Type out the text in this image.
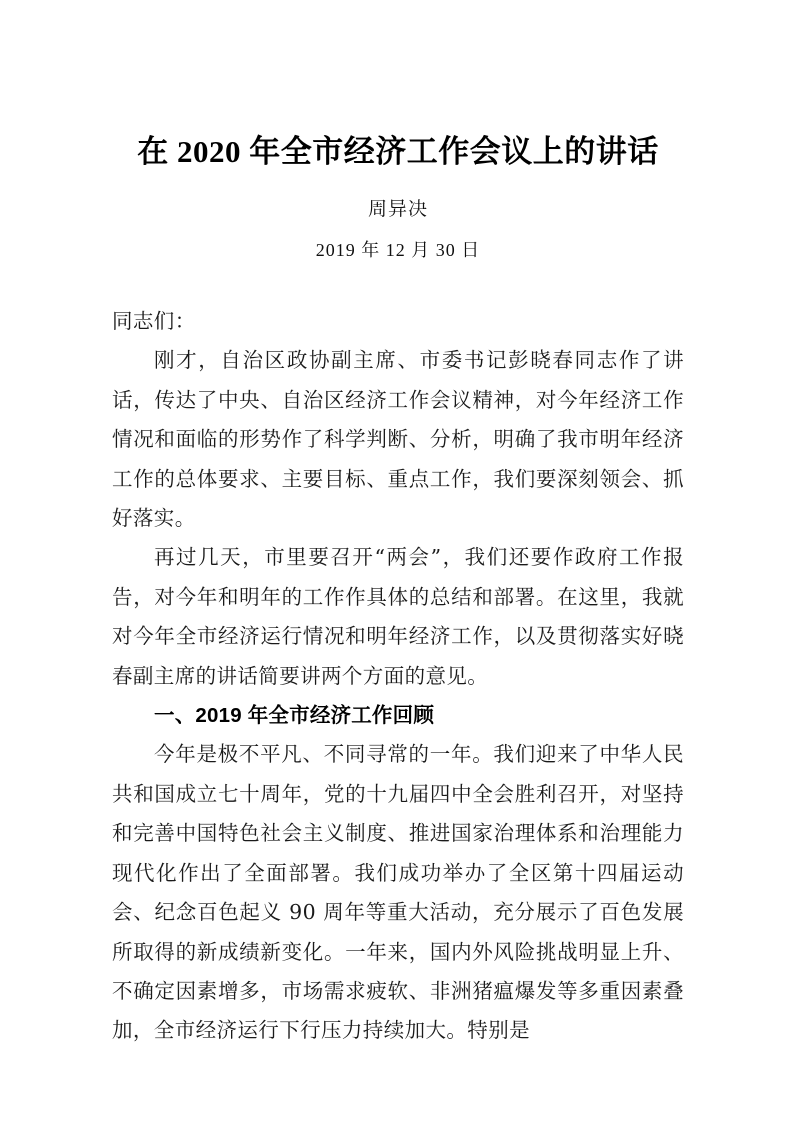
在 2020 年全市经济工作会议上的讲话
周异决
2019 年 12 月 30 日

同志们：

刚才，自治区政协副主席、市委书记彭晓春同志作了讲话，传达了中央、自治区经济工作会议精神，对今年经济工作情况和面临的形势作了科学判断、分析，明确了我市明年经济工作的总体要求、主要目标、重点工作，我们要深刻领会、抓好落实。

再过几天，市里要召开“两会”，我们还要作政府工作报告，对今年和明年的工作作具体的总结和部署。在这里，我就对今年全市经济运行情况和明年经济工作，以及贯彻落实好晓春副主席的讲话简要讲两个方面的意见。

一、2019 年全市经济工作回顾

今年是极不平凡、不同寻常的一年。我们迎来了中华人民共和国成立七十周年，党的十九届四中全会胜利召开，对坚持和完善中国特色社会主义制度、推进国家治理体系和治理能力现代化作出了全面部署。我们成功举办了全区第十四届运动会、纪念百色起义 90 周年等重大活动，充分展示了百色发展所取得的新成绩新变化。一年来，国内外风险挑战明显上升、不确定因素增多，市场需求疲软、非洲猪瘟爆发等多重因素叠加，全市经济运行下行压力持续加大。特别是
